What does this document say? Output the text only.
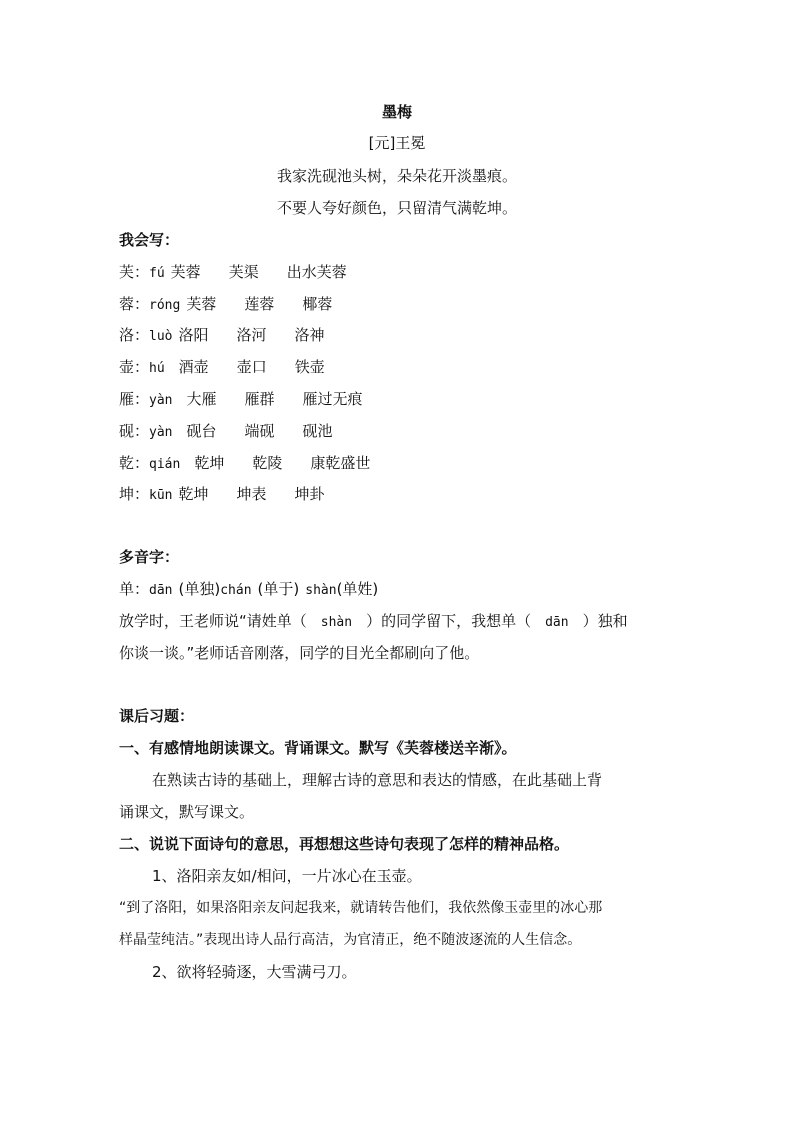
墨梅
[元]王冕
我家洗砚池头树，朵朵花开淡墨痕。
不要人夸好颜色，只留清气满乾坤。
我会写：
芙：fú 芙蓉 芙渠 出水芙蓉
蓉：róng 芙蓉 莲蓉 椰蓉
洛：luò 洛阳 洛河 洛神
壶：hú 酒壶 壶口 铁壶
雁：yàn 大雁 雁群 雁过无痕
砚：yàn 砚台 端砚 砚池
乾：qián 乾坤 乾陵 康乾盛世
坤：kūn 乾坤 坤表 坤卦
多音字：
单：dān (单独)chán (单于) shàn(单姓)
放学时，王老师说“请姓单（ shàn ）的同学留下，我想单（ dān ）独和
你谈一谈。”老师话音刚落，同学的目光全都刷向了他。
课后习题：
一、有感情地朗读课文。背诵课文。默写《芙蓉楼送辛渐》。
在熟读古诗的基础上，理解古诗的意思和表达的情感，在此基础上背
诵课文，默写课文。
二、说说下面诗句的意思，再想想这些诗句表现了怎样的精神品格。
1、洛阳亲友如/相问，一片冰心在玉壶。
“到了洛阳，如果洛阳亲友问起我来，就请转告他们，我依然像玉壶里的冰心那
样晶莹纯洁。”表现出诗人品行高洁，为官清正，绝不随波逐流的人生信念。
2、欲将轻骑逐，大雪满弓刀。
